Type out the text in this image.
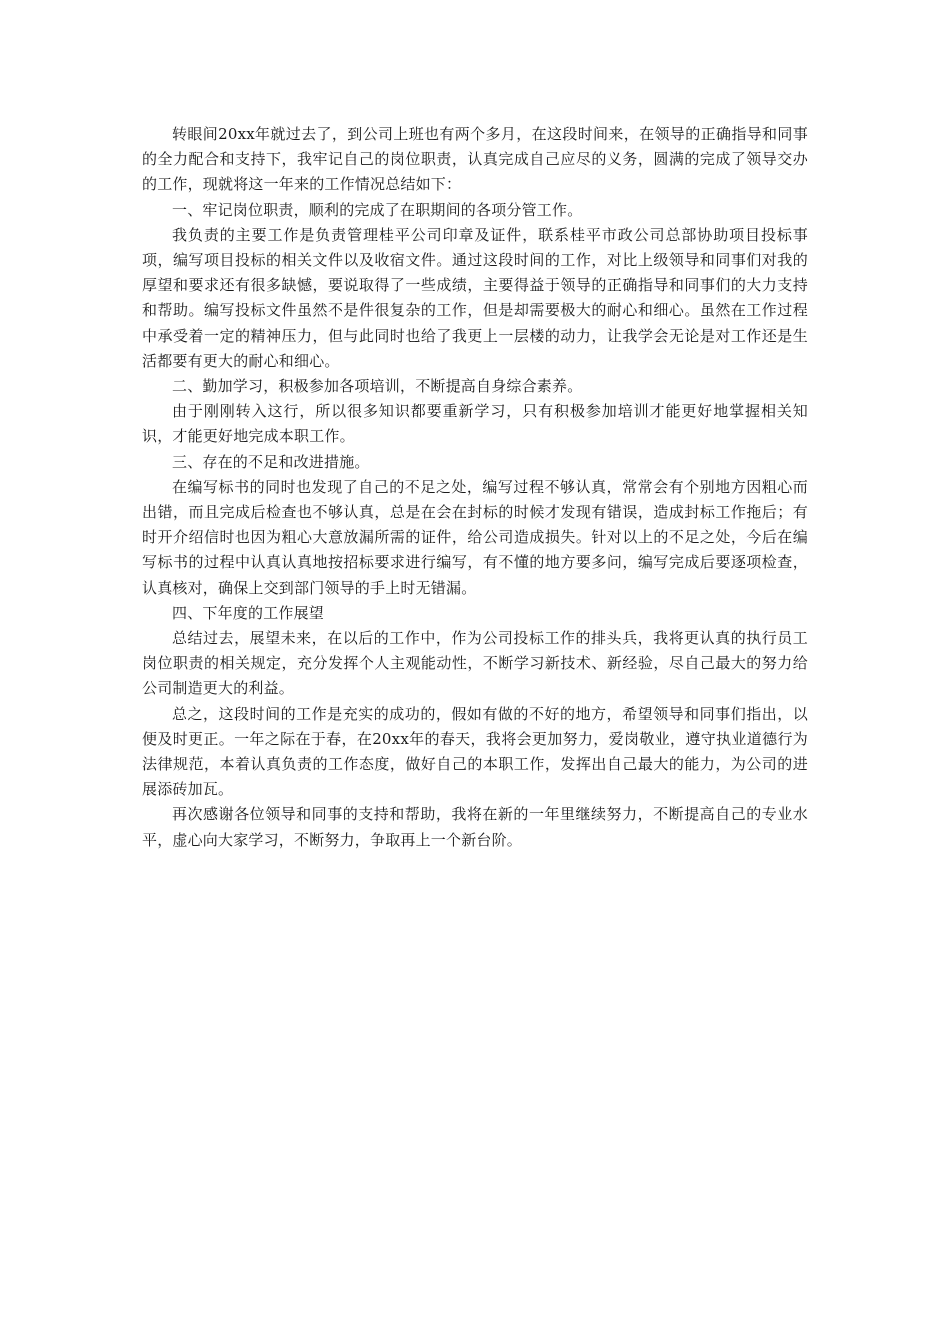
转眼间20xx年就过去了，到公司上班也有两个多月，在这段时间来，在领导的正确指导和同事的全力配合和支持下，我牢记自己的岗位职责，认真完成自己应尽的义务，圆满的完成了领导交办的工作，现就将这一年来的工作情况总结如下：

一、牢记岗位职责，顺利的完成了在职期间的各项分管工作。

我负责的主要工作是负责管理桂平公司印章及证件，联系桂平市政公司总部协助项目投标事项，编写项目投标的相关文件以及收宿文件。通过这段时间的工作，对比上级领导和同事们对我的厚望和要求还有很多缺憾，要说取得了一些成绩，主要得益于领导的正确指导和同事们的大力支持和帮助。编写投标文件虽然不是件很复杂的工作，但是却需要极大的耐心和细心。虽然在工作过程中承受着一定的精神压力，但与此同时也给了我更上一层楼的动力，让我学会无论是对工作还是生活都要有更大的耐心和细心。

二、勤加学习，积极参加各项培训，不断提高自身综合素养。

由于刚刚转入这行，所以很多知识都要重新学习，只有积极参加培训才能更好地掌握相关知识，才能更好地完成本职工作。

三、存在的不足和改进措施。

在编写标书的同时也发现了自己的不足之处，编写过程不够认真，常常会有个别地方因粗心而出错，而且完成后检查也不够认真，总是在会在封标的时候才发现有错误，造成封标工作拖后；有时开介绍信时也因为粗心大意放漏所需的证件，给公司造成损失。针对以上的不足之处，今后在编写标书的过程中认真认真地按招标要求进行编写，有不懂的地方要多问，编写完成后要逐项检查，认真核对，确保上交到部门领导的手上时无错漏。

四、下年度的工作展望

总结过去，展望未来，在以后的工作中，作为公司投标工作的排头兵，我将更认真的执行员工岗位职责的相关规定，充分发挥个人主观能动性，不断学习新技术、新经验，尽自己最大的努力给公司制造更大的利益。

总之，这段时间的工作是充实的成功的，假如有做的不好的地方，希望领导和同事们指出，以便及时更正。一年之际在于春，在20xx年的春天，我将会更加努力，爱岗敬业，遵守执业道德行为法律规范，本着认真负责的工作态度，做好自己的本职工作，发挥出自己最大的能力，为公司的进展添砖加瓦。

再次感谢各位领导和同事的支持和帮助，我将在新的一年里继续努力，不断提高自己的专业水平，虚心向大家学习，不断努力，争取再上一个新台阶。
